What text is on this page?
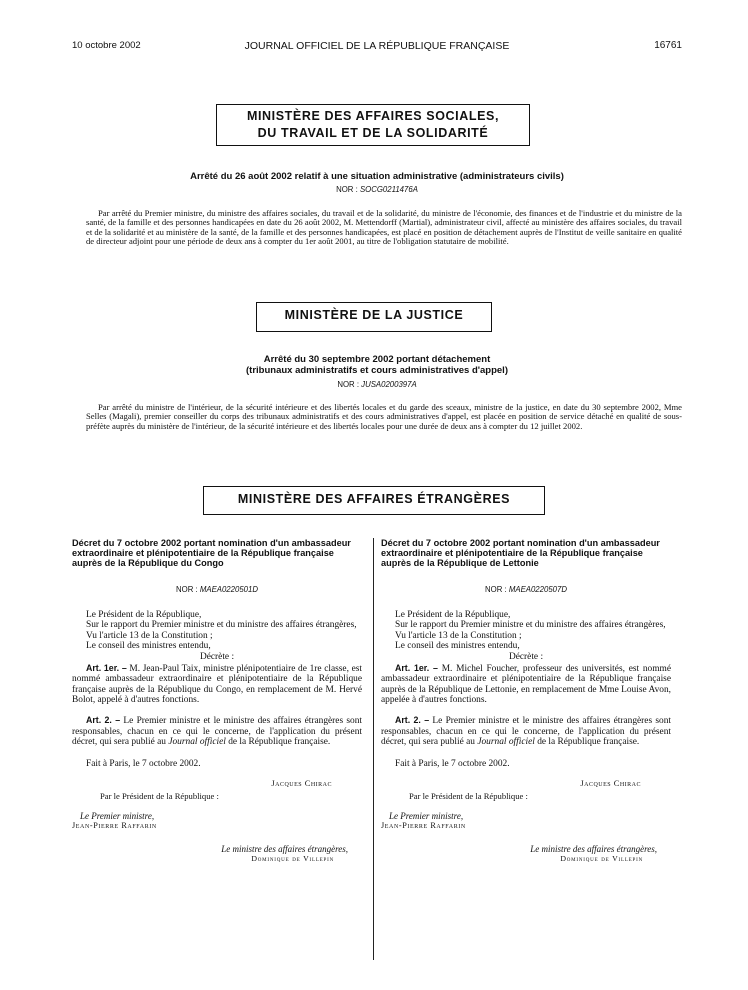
10 octobre 2002	JOURNAL OFFICIEL DE LA RÉPUBLIQUE FRANÇAISE	16761
MINISTÈRE DES AFFAIRES SOCIALES,
DU TRAVAIL ET DE LA SOLIDARITÉ
Arrêté du 26 août 2002 relatif à une situation administrative (administrateurs civils)
NOR : SOCG0211476A

Par arrêté du Premier ministre, du ministre des affaires sociales, du travail et de la solidarité, du ministre de l'économie, des finances et de l'industrie et du ministre de la santé, de la famille et des personnes handicapées en date du 26 août 2002, M. Mettendorff (Martial), administrateur civil, affecté au ministère des affaires sociales, du travail et de la solidarité et au ministère de la santé, de la famille et des personnes handicapées, est placé en position de détachement auprès de l'Institut de veille sanitaire en qualité de directeur adjoint pour une période de deux ans à compter du 1er août 2001, au titre de l'obligation statutaire de mobilité.

MINISTÈRE DE LA JUSTICE
Arrêté du 30 septembre 2002 portant détachement
(tribunaux administratifs et cours administratives d'appel)
NOR : JUSA0200397A

Par arrêté du ministre de l'intérieur, de la sécurité intérieure et des libertés locales et du garde des sceaux, ministre de la justice, en date du 30 septembre 2002, Mme Selles (Magali), premier conseiller du corps des tribunaux administratifs et des cours administratives d'appel, est placée en position de service détaché en qualité de sous-préfète auprès du ministère de l'intérieur, de la sécurité intérieure et des libertés locales pour une durée de deux ans à compter du 12 juillet 2002.

MINISTÈRE DES AFFAIRES ÉTRANGÈRES

Décret du 7 octobre 2002 portant nomination d'un ambassadeur extraordinaire et plénipotentiaire de la République française auprès de la République du Congo

NOR : MAEA0220501D

Le Président de la République,

Sur le rapport du Premier ministre et du ministre des affaires étrangères,

Vu l'article 13 de la Constitution ;

Le conseil des ministres entendu,

Décrète :

Art. 1er. – M. Jean-Paul Taix, ministre plénipotentiaire de 1re classe, est nommé ambassadeur extraordinaire et plénipotentiaire de la République française auprès de la République du Congo, en remplacement de M. Hervé Bolot, appelé à d'autres fonctions.

Art. 2. – Le Premier ministre et le ministre des affaires étrangères sont responsables, chacun en ce qui le concerne, de l'application du présent décret, qui sera publié au Journal officiel de la République française.

Fait à Paris, le 7 octobre 2002.

Jacques Chirac

Par le Président de la République :

Le Premier ministre,

Jean-Pierre Raffarin

Le ministre des affaires étrangères,

Dominique de Villepin

Décret du 7 octobre 2002 portant nomination d'un ambassadeur extraordinaire et plénipotentiaire de la République française auprès de la République de Lettonie

NOR : MAEA0220507D

Le Président de la République,

Sur le rapport du Premier ministre et du ministre des affaires étrangères,

Vu l'article 13 de la Constitution ;

Le conseil des ministres entendu,

Décrète :

Art. 1er. – M. Michel Foucher, professeur des universités, est nommé ambassadeur extraordinaire et plénipotentiaire de la République française auprès de la République de Lettonie, en remplacement de Mme Louise Avon, appelée à d'autres fonctions.

Art. 2. – Le Premier ministre et le ministre des affaires étrangères sont responsables, chacun en ce qui le concerne, de l'application du présent décret, qui sera publié au Journal officiel de la République française.

Fait à Paris, le 7 octobre 2002.

Jacques Chirac

Par le Président de la République :

Le Premier ministre,

Jean-Pierre Raffarin

Le ministre des affaires étrangères,

Dominique de Villepin
